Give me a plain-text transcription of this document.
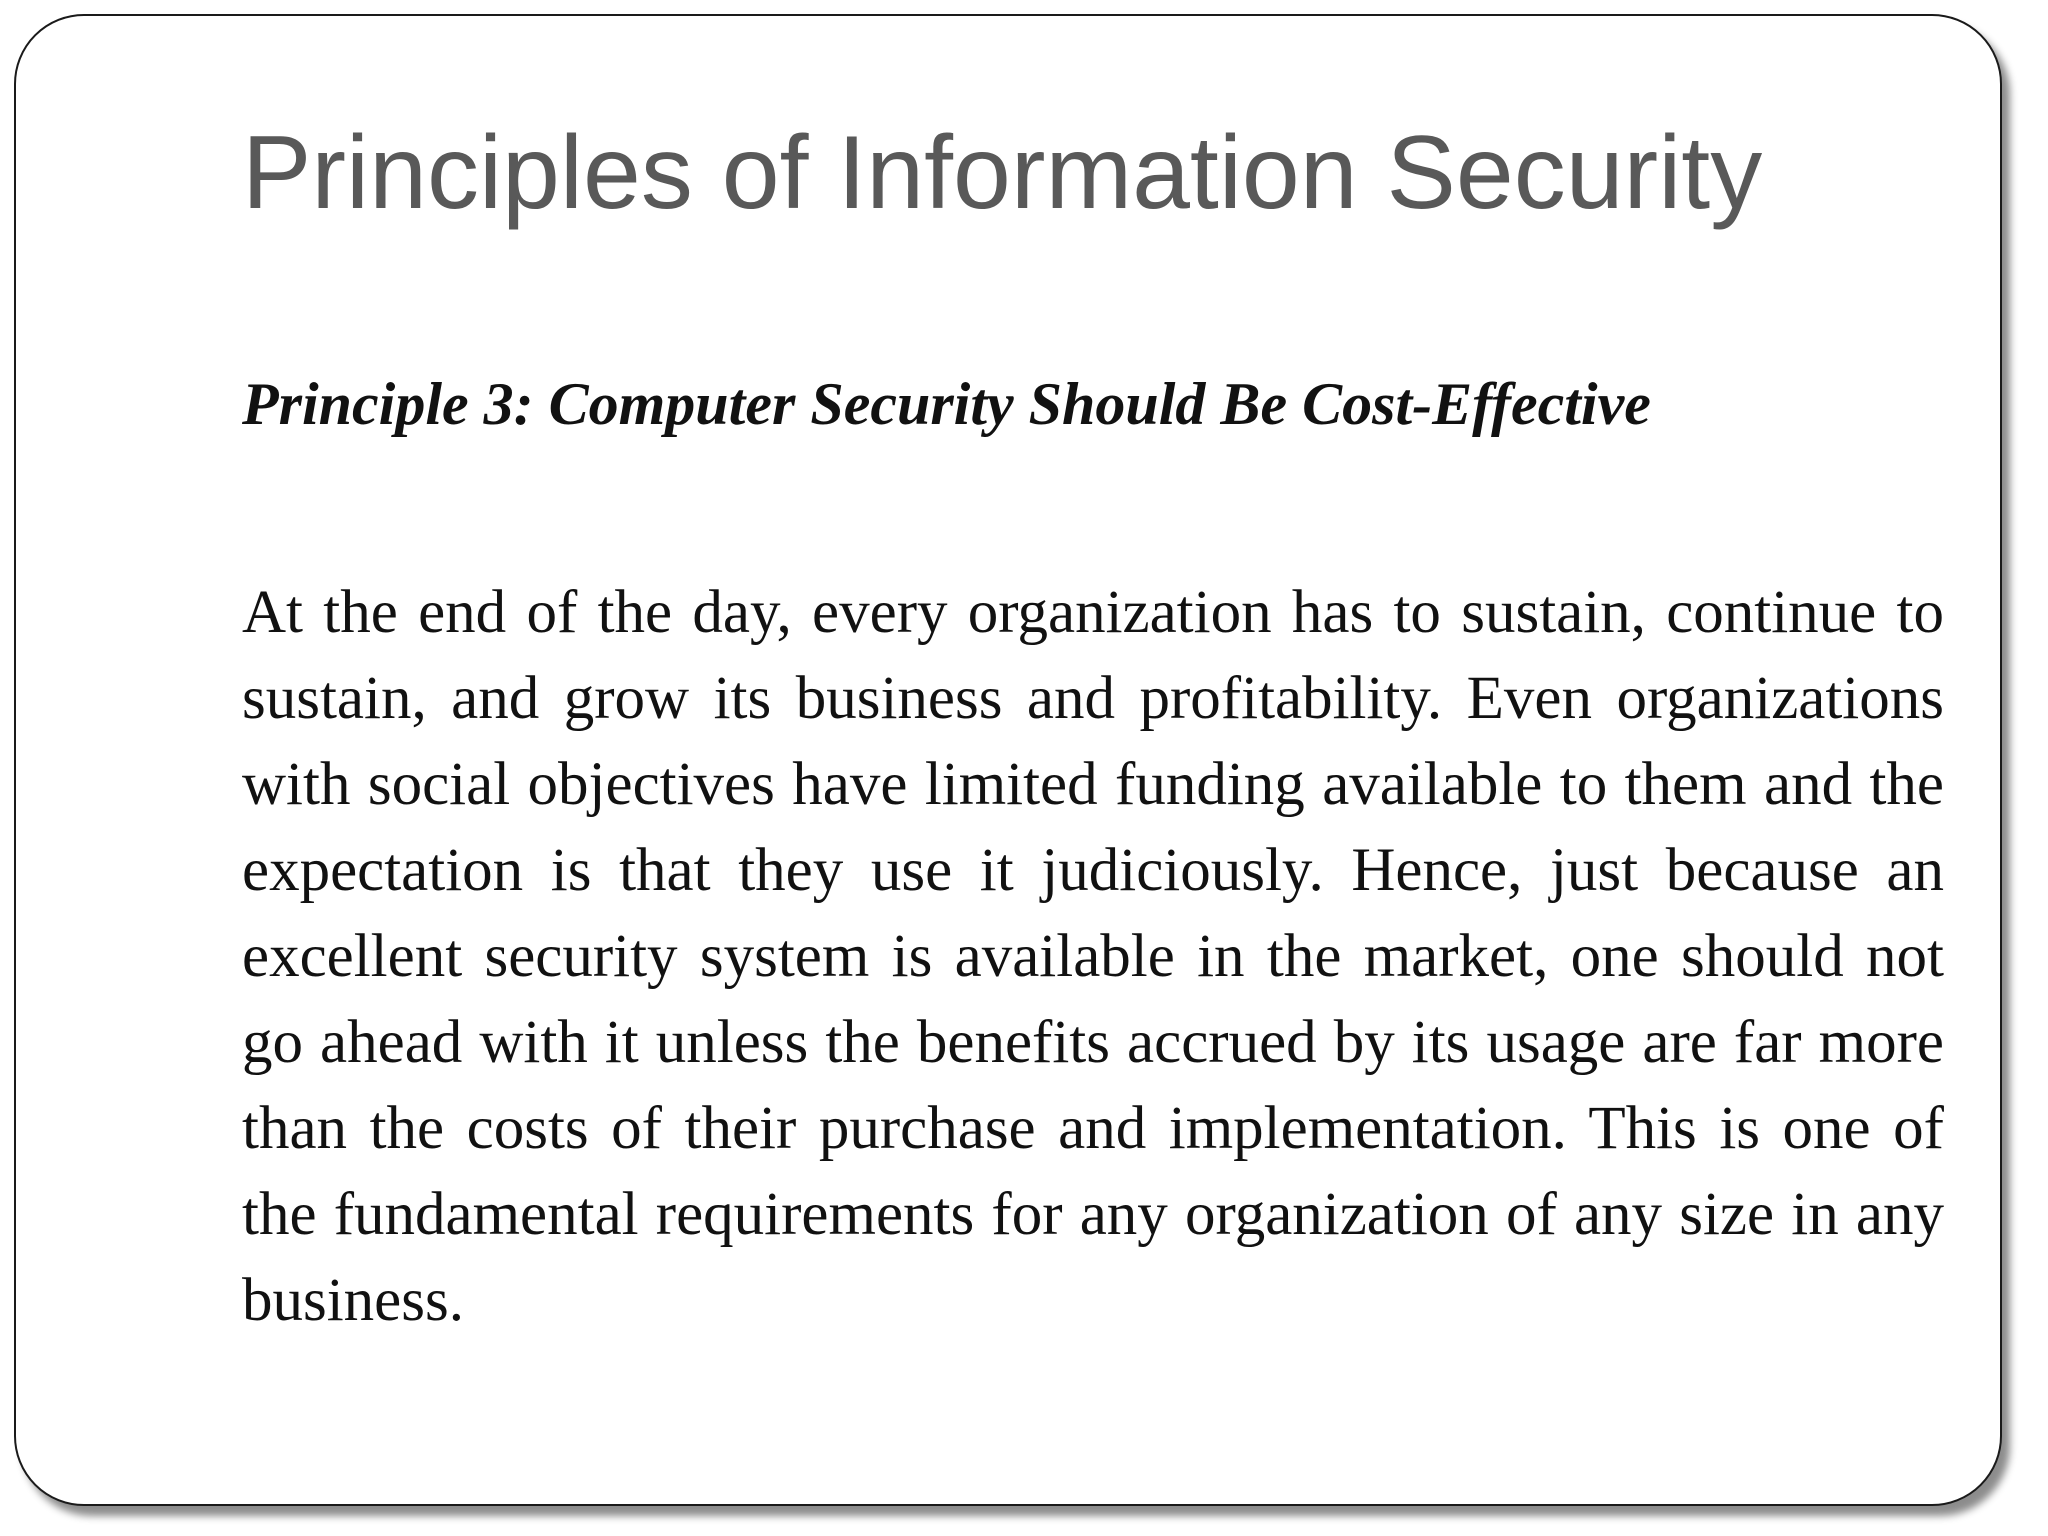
Principles of Information Security

Principle 3: Computer Security Should Be Cost-Effective

At the end of the day, every organization has to sustain, continue to sustain, and grow its business and profitability. Even organizations with social objectives have limited funding available to them and the expectation is that they use it judiciously. Hence, just because an excellent security system is available in the market, one should not go ahead with it unless the benefits accrued by its usage are far more than the costs of their purchase and implementation. This is one of the fundamental requirements for any organization of any size in any business.
